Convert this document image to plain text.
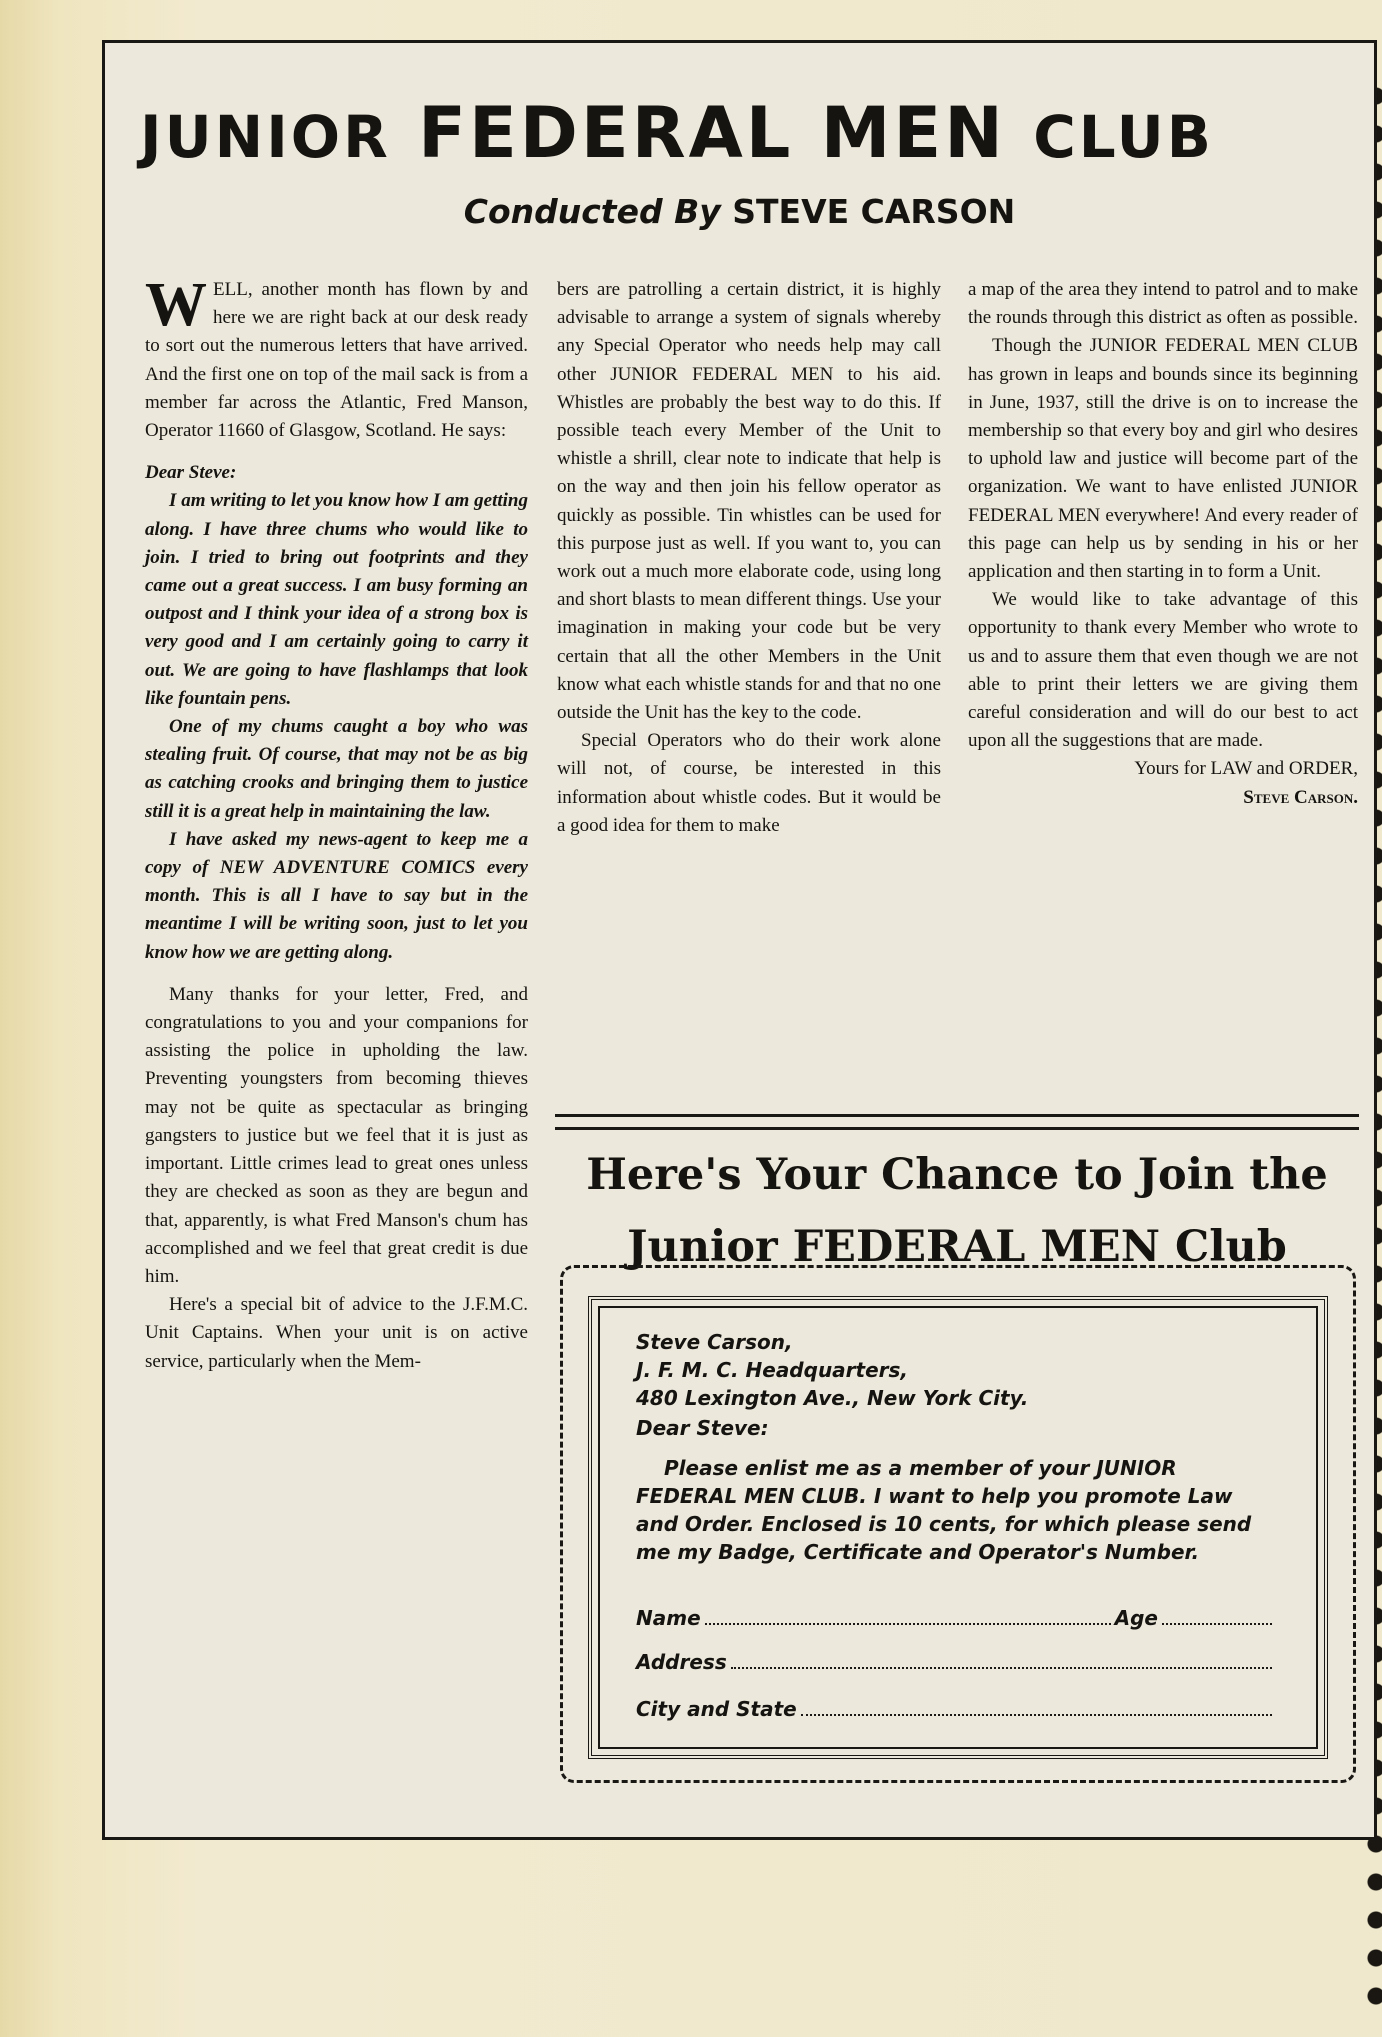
JUNIOR FEDERAL MEN CLUB
Conducted By STEVE CARSON

WELL, another month has flown by and here we are right back at our desk ready to sort out the numerous letters that have arrived. And the first one on top of the mail sack is from a member far across the Atlantic, Fred Manson, Operator 11660 of Glasgow, Scotland. He says:

Dear Steve:

I am writing to let you know how I am getting along. I have three chums who would like to join. I tried to bring out footprints and they came out a great success. I am busy forming an outpost and I think your idea of a strong box is very good and I am certainly going to carry it out. We are going to have flashlamps that look like fountain pens.

One of my chums caught a boy who was stealing fruit. Of course, that may not be as big as catching crooks and bringing them to justice still it is a great help in maintaining the law.

I have asked my news-agent to keep me a copy of NEW ADVENTURE COMICS every month. This is all I have to say but in the meantime I will be writing soon, just to let you know how we are getting along.

Many thanks for your letter, Fred, and congratulations to you and your companions for assisting the police in upholding the law. Preventing youngsters from becoming thieves may not be quite as spectacular as bringing gangsters to justice but we feel that it is just as important. Little crimes lead to great ones unless they are checked as soon as they are begun and that, apparently, is what Fred Manson's chum has accomplished and we feel that great credit is due him.

Here's a special bit of advice to the J.F.M.C. Unit Captains. When your unit is on active service, particularly when the Mem-

bers are patrolling a certain district, it is highly advisable to arrange a system of signals whereby any Special Operator who needs help may call other JUNIOR FEDERAL MEN to his aid. Whistles are probably the best way to do this. If possible teach every Member of the Unit to whistle a shrill, clear note to indicate that help is on the way and then join his fellow operator as quickly as possible. Tin whistles can be used for this purpose just as well. If you want to, you can work out a much more elaborate code, using long and short blasts to mean different things. Use your imagination in making your code but be very certain that all the other Members in the Unit know what each whistle stands for and that no one outside the Unit has the key to the code.

Special Operators who do their work alone will not, of course, be interested in this information about whistle codes. But it would be a good idea for them to make

a map of the area they intend to patrol and to make the rounds through this district as often as possible.

Though the JUNIOR FEDERAL MEN CLUB has grown in leaps and bounds since its beginning in June, 1937, still the drive is on to increase the membership so that every boy and girl who desires to uphold law and justice will become part of the organization. We want to have enlisted JUNIOR FEDERAL MEN everywhere! And every reader of this page can help us by sending in his or her application and then starting in to form a Unit.

We would like to take advantage of this opportunity to thank every Member who wrote to us and to assure them that even though we are not able to print their letters we are giving them careful consideration and will do our best to act upon all the suggestions that are made.

Yours for LAW and ORDER,

Steve Carson.

Here's Your Chance to Join the
Junior FEDERAL MEN Club
Steve Carson,
J. F. M. C. Headquarters,
480 Lexington Ave., New York City.
Dear Steve:
Please enlist me as a member of your JUNIOR FEDERAL MEN CLUB. I want to help you promote Law and Order. Enclosed is 10 cents, for which please send me my Badge, Certificate and Operator's Number.
Name	Age
Address
City and State
